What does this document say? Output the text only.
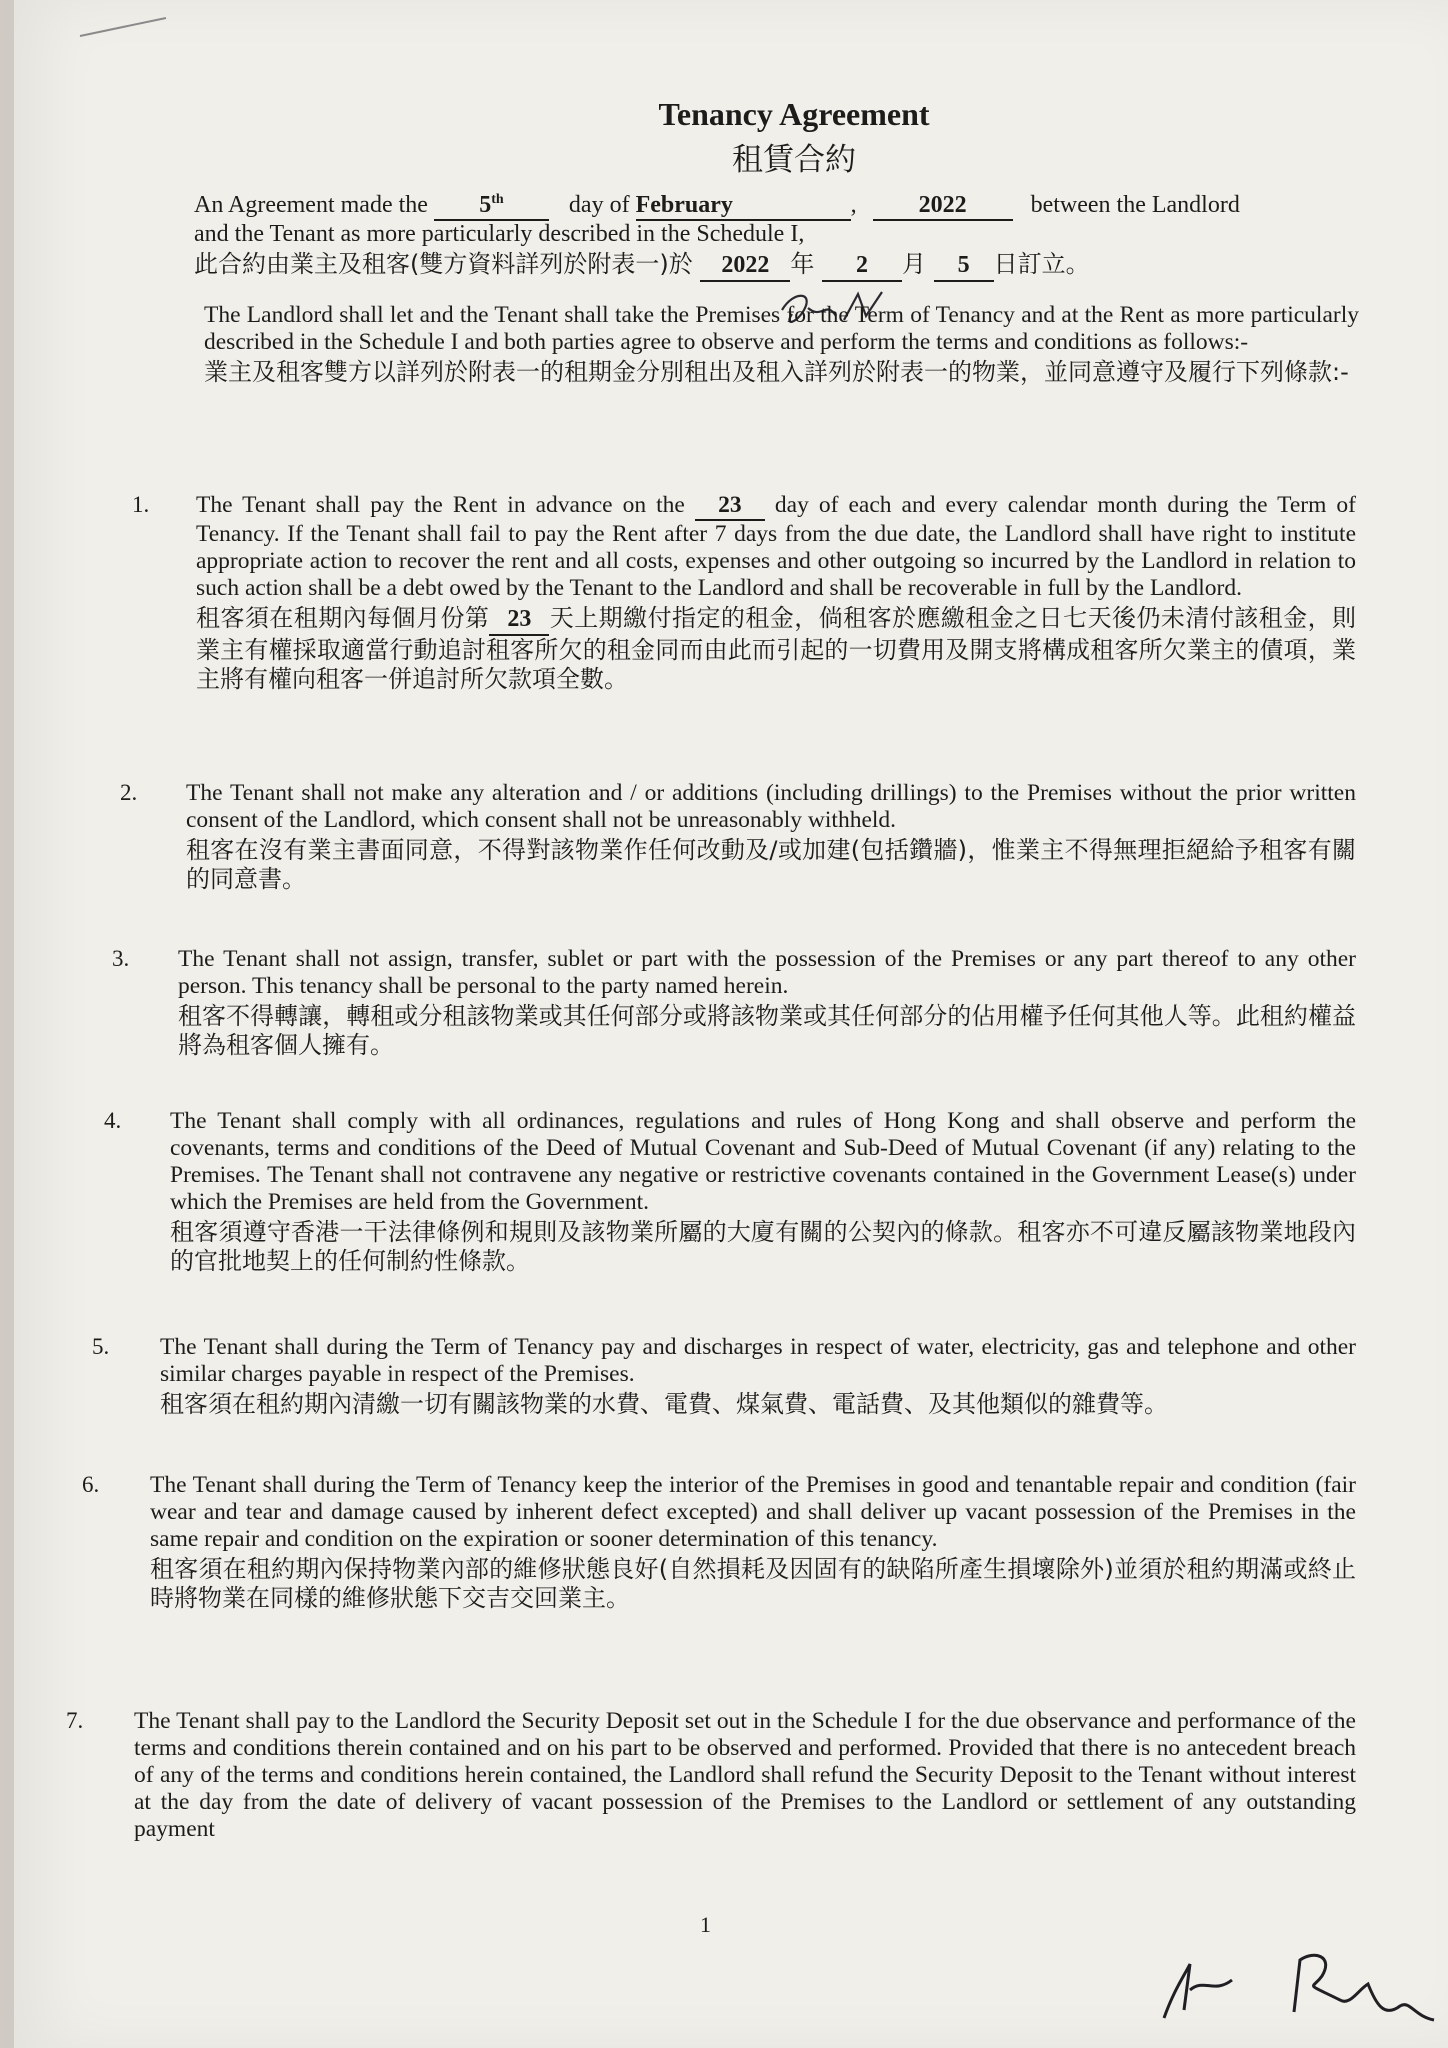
Tenancy Agreement
租賃合約
An Agreement made the 5th	day of February	,	2022	between the Landlord
and the Tenant as more particularly described in the Schedule I,
此合約由業主及租客(雙方資料詳列於附表一)於 2022 年 2 月 5 日訂立。
The Landlord shall let and the Tenant shall take the Premises for the Term of Tenancy and at the Rent as more particularly described in the Schedule I and both parties agree to observe and perform the terms and conditions as follows:-
業主及租客雙方以詳列於附表一的租期金分別租出及租入詳列於附表一的物業，並同意遵守及履行下列條款:-
1. The Tenant shall pay the Rent in advance on the 23 day of each and every calendar month during the Term of Tenancy. If the Tenant shall fail to pay the Rent after 7 days from the due date, the Landlord shall have right to institute appropriate action to recover the rent and all costs, expenses and other outgoing so incurred by the Landlord in relation to such action shall be a debt owed by the Tenant to the Landlord and shall be recoverable in full by the Landlord.
租客須在租期內每個月份第 23 天上期繳付指定的租金，倘租客於應繳租金之日七天後仍未清付該租金，則業主有權採取適當行動追討租客所欠的租金同而由此而引起的一切費用及開支將構成租客所欠業主的債項，業主將有權向租客一併追討所欠款項全數。
2. The Tenant shall not make any alteration and / or additions (including drillings) to the Premises without the prior written consent of the Landlord, which consent shall not be unreasonably withheld.
租客在沒有業主書面同意，不得對該物業作任何改動及/或加建(包括鑽牆)，惟業主不得無理拒絕給予租客有關的同意書。
3. The Tenant shall not assign, transfer, sublet or part with the possession of the Premises or any part thereof to any other person. This tenancy shall be personal to the party named herein.
租客不得轉讓，轉租或分租該物業或其任何部分或將該物業或其任何部分的佔用權予任何其他人等。此租約權益將為租客個人擁有。
4. The Tenant shall comply with all ordinances, regulations and rules of Hong Kong and shall observe and perform the covenants, terms and conditions of the Deed of Mutual Covenant and Sub-Deed of Mutual Covenant (if any) relating to the Premises. The Tenant shall not contravene any negative or restrictive covenants contained in the Government Lease(s) under which the Premises are held from the Government.
租客須遵守香港一干法律條例和規則及該物業所屬的大廈有關的公契內的條款。租客亦不可違反屬該物業地段內的官批地契上的任何制約性條款。
5. The Tenant shall during the Term of Tenancy pay and discharges in respect of water, electricity, gas and telephone and other similar charges payable in respect of the Premises.
租客須在租約期內清繳一切有關該物業的水費、電費、煤氣費、電話費、及其他類似的雜費等。
6. The Tenant shall during the Term of Tenancy keep the interior of the Premises in good and tenantable repair and condition (fair wear and tear and damage caused by inherent defect excepted) and shall deliver up vacant possession of the Premises in the same repair and condition on the expiration or sooner determination of this tenancy.
租客須在租約期內保持物業內部的維修狀態良好(自然損耗及因固有的缺陷所產生損壞除外)並須於租約期滿或終止時將物業在同樣的維修狀態下交吉交回業主。
7. The Tenant shall pay to the Landlord the Security Deposit set out in the Schedule I for the due observance and performance of the terms and conditions therein contained and on his part to be observed and performed. Provided that there is no antecedent breach of any of the terms and conditions herein contained, the Landlord shall refund the Security Deposit to the Tenant without interest at the day from the date of delivery of vacant possession of the Premises to the Landlord or settlement of any outstanding payment
1
